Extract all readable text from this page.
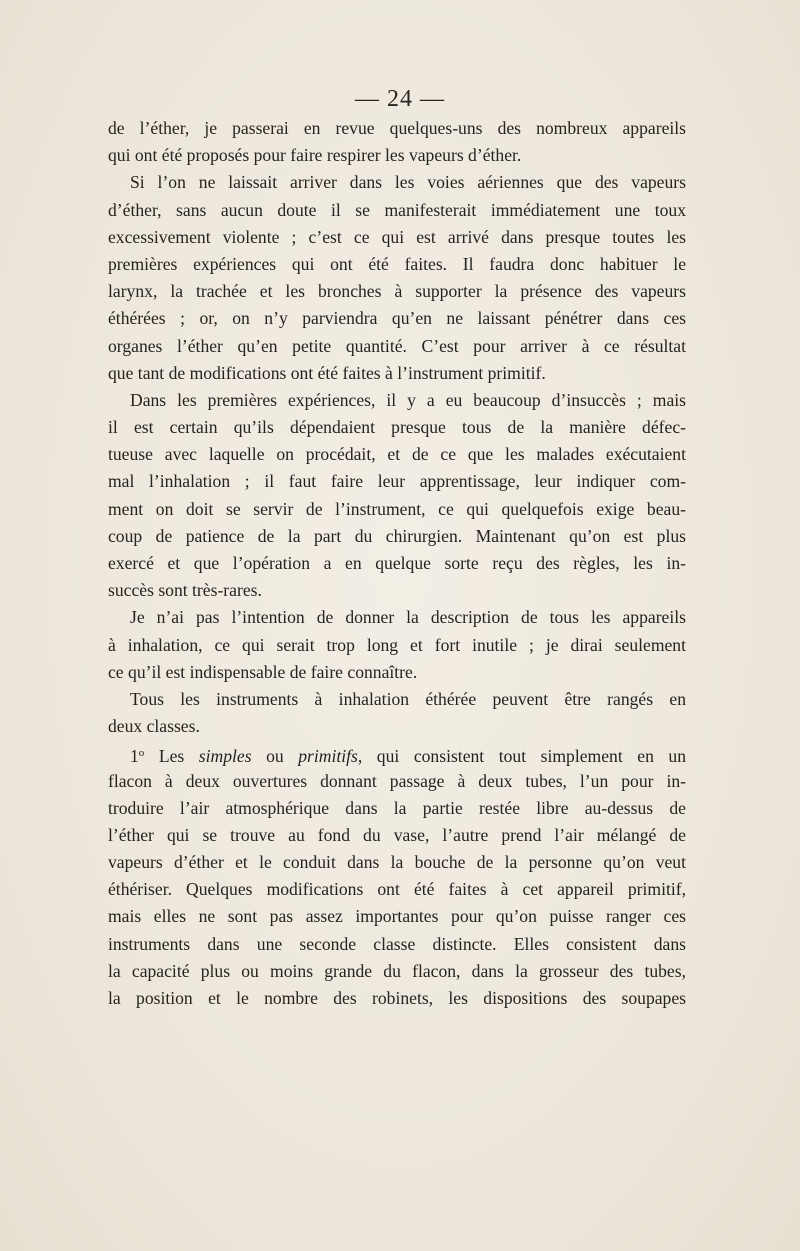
— 24 —
de l’éther, je passerai en revue quelques-uns des nombreux appareils
qui ont été proposés pour faire respirer les vapeurs d’éther.
Si l’on ne laissait arriver dans les voies aériennes que des vapeurs
d’éther, sans aucun doute il se manifesterait immédiatement une toux
excessivement violente ; c’est ce qui est arrivé dans presque toutes les
premières expériences qui ont été faites. Il faudra donc habituer le
larynx, la trachée et les bronches à supporter la présence des vapeurs
éthérées ; or, on n’y parviendra qu’en ne laissant pénétrer dans ces
organes l’éther qu’en petite quantité. C’est pour arriver à ce résultat
que tant de modifications ont été faites à l’instrument primitif.
Dans les premières expériences, il y a eu beaucoup d’insuccès ; mais
il est certain qu’ils dépendaient presque tous de la manière défec-
tueuse avec laquelle on procédait, et de ce que les malades exécutaient
mal l’inhalation ; il faut faire leur apprentissage, leur indiquer com-
ment on doit se servir de l’instrument, ce qui quelquefois exige beau-
coup de patience de la part du chirurgien. Maintenant qu’on est plus
exercé et que l’opération a en quelque sorte reçu des règles, les in-
succès sont très-rares.
Je n’ai pas l’intention de donner la description de tous les appareils
à inhalation, ce qui serait trop long et fort inutile ; je dirai seulement
ce qu’il est indispensable de faire connaître.
Tous les instruments à inhalation éthérée peuvent être rangés en
deux classes.
1$^o$ Les simples ou primitifs, qui consistent tout simplement en un
flacon à deux ouvertures donnant passage à deux tubes, l’un pour in-
troduire l’air atmosphérique dans la partie restée libre au-dessus de
l’éther qui se trouve au fond du vase, l’autre prend l’air mélangé de
vapeurs d’éther et le conduit dans la bouche de la personne qu’on veut
éthériser. Quelques modifications ont été faites à cet appareil primitif,
mais elles ne sont pas assez importantes pour qu’on puisse ranger ces
instruments dans une seconde classe distincte. Elles consistent dans
la capacité plus ou moins grande du flacon, dans la grosseur des tubes,
la position et le nombre des robinets, les dispositions des soupapes
